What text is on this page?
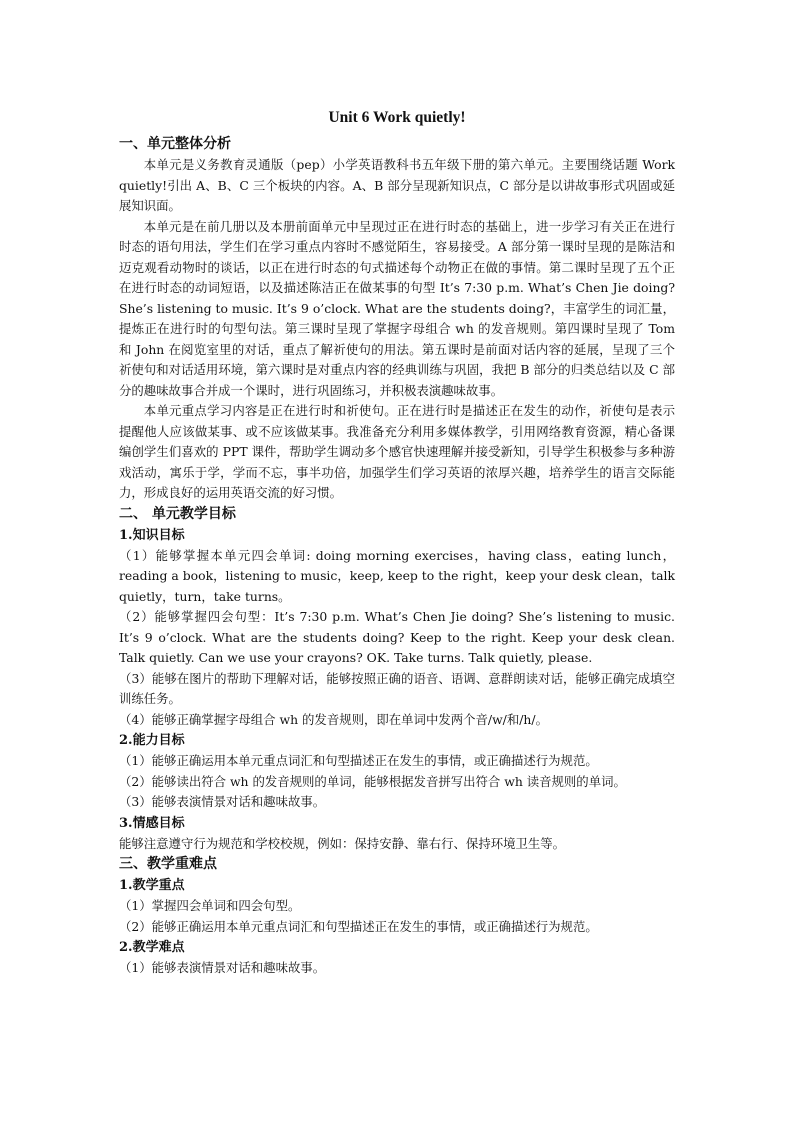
Unit 6 Work quietly!
一、单元整体分析

本单元是义务教育灵通版（pep）小学英语教科书五年级下册的第六单元。主要围绕话题 Work quietly!引出 A、B、C 三个板块的内容。A、B 部分呈现新知识点，C 部分是以讲故事形式巩固或延展知识面。

本单元是在前几册以及本册前面单元中呈现过正在进行时态的基础上，进一步学习有关正在进行时态的语句用法，学生们在学习重点内容时不感觉陌生，容易接受。A 部分第一课时呈现的是陈洁和迈克观看动物时的谈话，以正在进行时态的句式描述每个动物正在做的事情。第二课时呈现了五个正在进行时态的动词短语，以及描述陈洁正在做某事的句型 It’s 7:30 p.m. What’s Chen Jie doing? She’s listening to music. It’s 9 o’clock. What are the students doing?，丰富学生的词汇量，提炼正在进行时的句型句法。第三课时呈现了掌握字母组合 wh 的发音规则。第四课时呈现了 Tom 和 John 在阅览室里的对话，重点了解祈使句的用法。第五课时是前面对话内容的延展，呈现了三个祈使句和对话适用环境，第六课时是对重点内容的经典训练与巩固，我把 B 部分的归类总结以及 C 部分的趣味故事合并成一个课时，进行巩固练习，并积极表演趣味故事。

本单元重点学习内容是正在进行时和祈使句。正在进行时是描述正在发生的动作，祈使句是表示提醒他人应该做某事、或不应该做某事。我准备充分利用多媒体教学，引用网络教育资源，精心备课编创学生们喜欢的 PPT 课件，帮助学生调动多个感官快速理解并接受新知，引导学生积极参与多种游戏活动，寓乐于学，学而不忘，事半功倍，加强学生们学习英语的浓厚兴趣，培养学生的语言交际能力，形成良好的运用英语交流的好习惯。

二、 单元教学目标
1.知识目标

（1）能够掌握本单元四会单词: doing morning exercises，having class，eating lunch，reading a book，listening to music，keep, keep to the right，keep your desk clean，talk quietly，turn，take turns。

（2）能够掌握四会句型：It’s 7:30 p.m. What’s Chen Jie doing? She’s listening to music. It’s 9 o’clock. What are the students doing? Keep to the right. Keep your desk clean. Talk quietly. Can we use your crayons? OK. Take turns. Talk quietly, please.

（3）能够在图片的帮助下理解对话，能够按照正确的语音、语调、意群朗读对话，能够正确完成填空训练任务。

（4）能够正确掌握字母组合 wh 的发音规则，即在单词中发两个音/w/和/h/。

2.能力目标

（1）能够正确运用本单元重点词汇和句型描述正在发生的事情，或正确描述行为规范。

（2）能够读出符合 wh 的发音规则的单词，能够根据发音拼写出符合 wh 读音规则的单词。

（3）能够表演情景对话和趣味故事。

3.情感目标

能够注意遵守行为规范和学校校规，例如：保持安静、靠右行、保持环境卫生等。

三、教学重难点
1.教学重点

（1）掌握四会单词和四会句型。

（2）能够正确运用本单元重点词汇和句型描述正在发生的事情，或正确描述行为规范。

2.教学难点

（1）能够表演情景对话和趣味故事。
